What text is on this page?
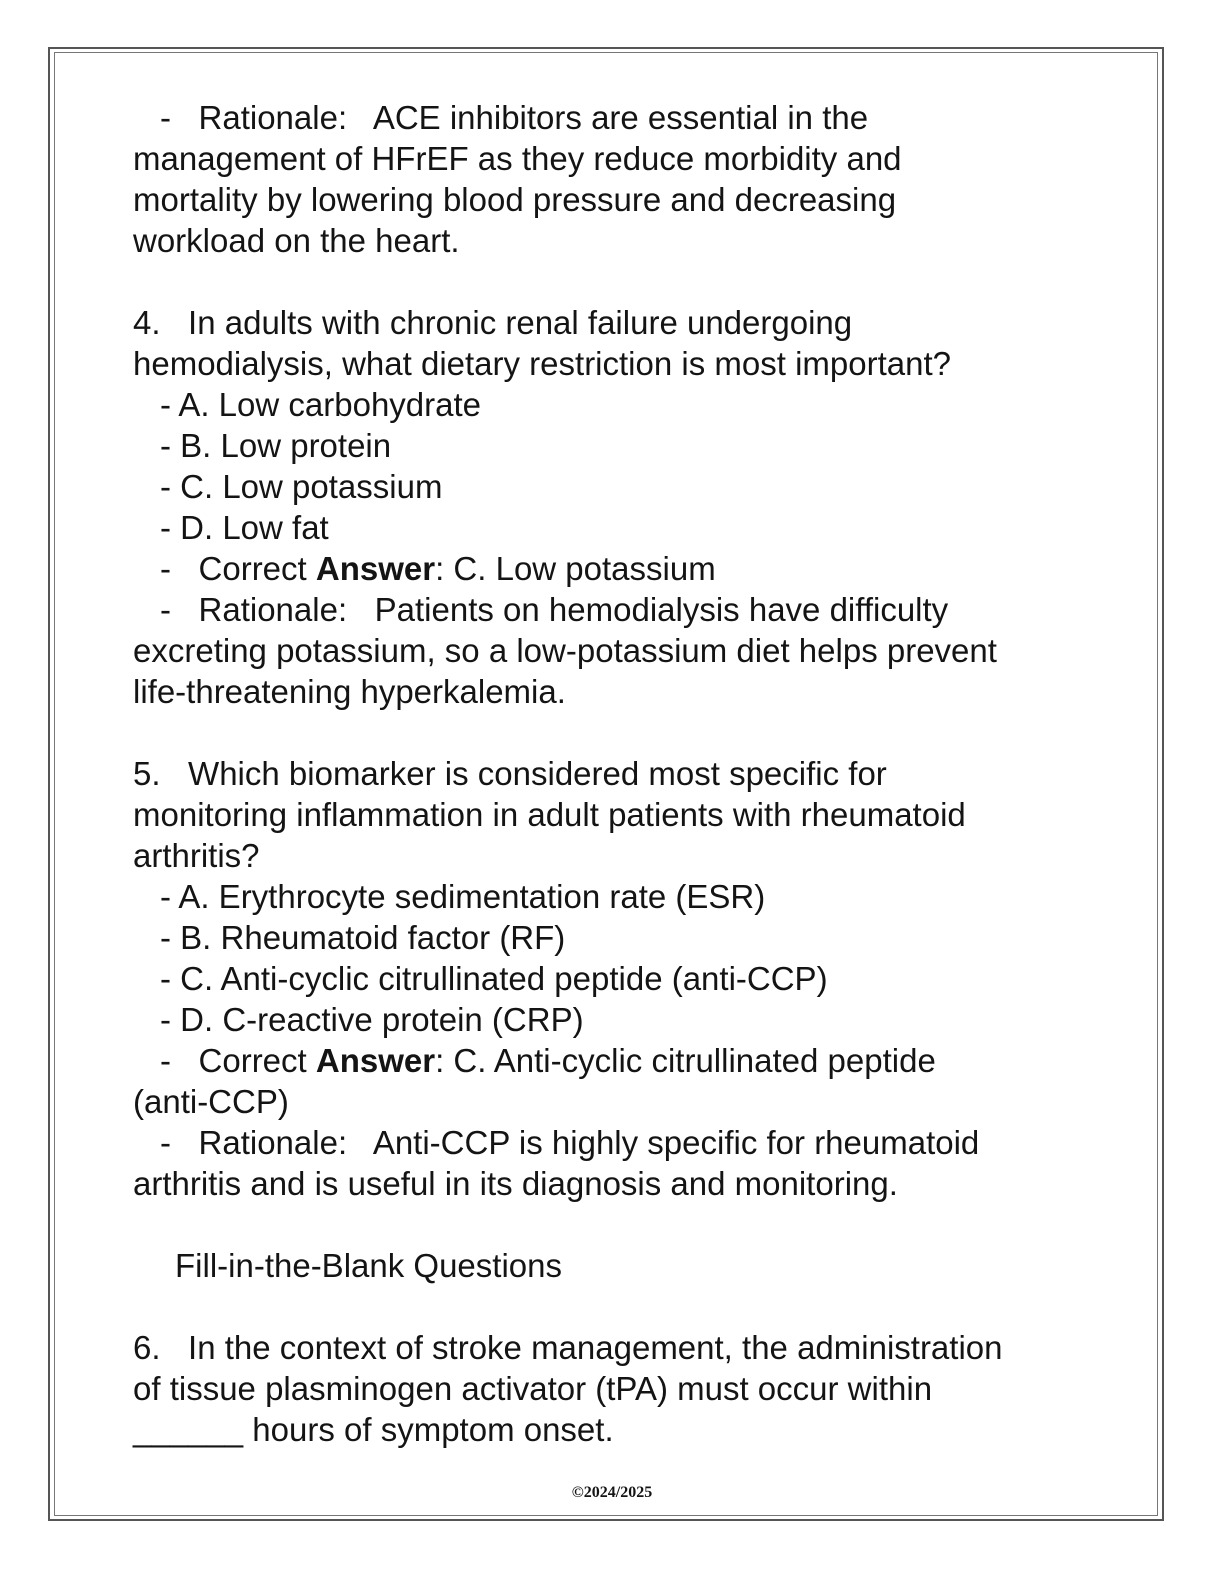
- Rationale: ACE inhibitors are essential in the
management of HFrEF as they reduce morbidity and
mortality by lowering blood pressure and decreasing
workload on the heart.
4. In adults with chronic renal failure undergoing
hemodialysis, what dietary restriction is most important?
- A. Low carbohydrate
- B. Low protein
- C. Low potassium
- D. Low fat
- Correct Answer: C. Low potassium
- Rationale: Patients on hemodialysis have difficulty
excreting potassium, so a low-potassium diet helps prevent
life-threatening hyperkalemia.
5. Which biomarker is considered most specific for
monitoring inflammation in adult patients with rheumatoid
arthritis?
- A. Erythrocyte sedimentation rate (ESR)
- B. Rheumatoid factor (RF)
- C. Anti-cyclic citrullinated peptide (anti-CCP)
- D. C-reactive protein (CRP)
- Correct Answer: C. Anti-cyclic citrullinated peptide
(anti-CCP)
- Rationale: Anti-CCP is highly specific for rheumatoid
arthritis and is useful in its diagnosis and monitoring.
Fill-in-the-Blank Questions
6. In the context of stroke management, the administration
of tissue plasminogen activator (tPA) must occur within
______ hours of symptom onset.
©2024/2025
